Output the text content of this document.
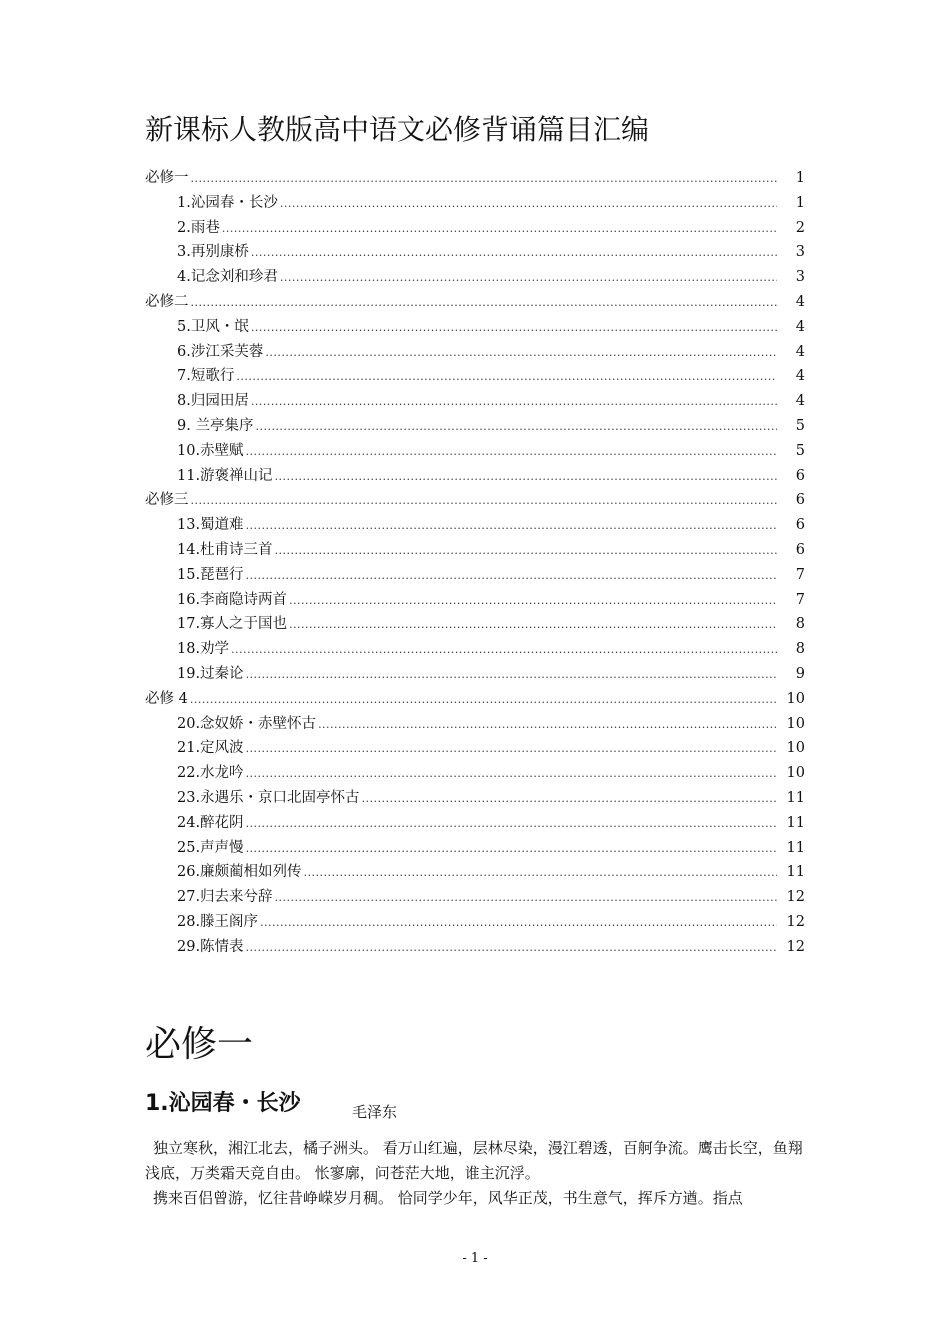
新课标人教版高中语文必修背诵篇目汇编
必修一 .....	1
1.沁园春・长沙 .....	1
2.雨巷 .....	2
3.再别康桥 .....	3
4.记念刘和珍君 .....	3
必修二 .....	4
5.卫风・氓 .....	4
6.涉江采芙蓉 .....	4
7.短歌行 .....	4
8.归园田居 .....	4
9. 兰亭集序 .....	5
10.赤壁赋 .....	5
11.游褒禅山记 .....	6
必修三 .....	6
13.蜀道难 .....	6
14.杜甫诗三首 .....	6
15.琵琶行 .....	7
16.李商隐诗两首 .....	7
17.寡人之于国也 .....	8
18.劝学 .....	8
19.过秦论 .....	9
必修 4 .....	10
20.念奴娇・赤壁怀古 .....	10
21.定风波 .....	10
22.水龙吟 .....	10
23.永遇乐・京口北固亭怀古 .....	11
24.醉花阴 .....	11
25.声声慢 .....	11
26.廉颇蔺相如列传 .....	11
27.归去来兮辞 .....	12
28.滕王阁序 .....	12
29.陈情表 .....	12
必修一
1.沁园春・长沙	毛泽东

独立寒秋，湘江北去，橘子洲头。 看万山红遍，层林尽染，漫江碧透，百舸争流。鹰击长空，鱼翔浅底，万类霜天竞自由。 怅寥廓，问苍茫大地，谁主沉浮。

携来百侣曾游，忆往昔峥嵘岁月稠。 恰同学少年，风华正茂，书生意气，挥斥方遒。指点

- 1 -
